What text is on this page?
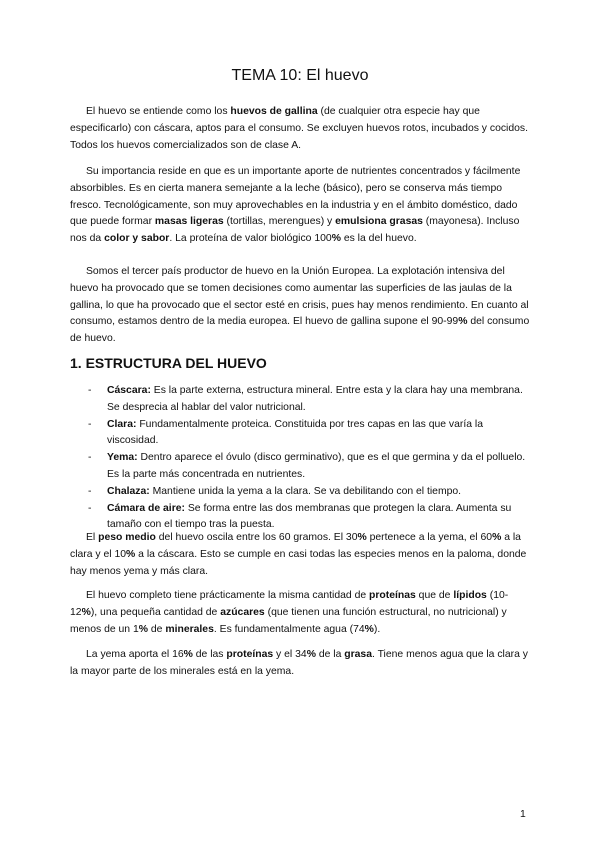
TEMA 10: El huevo

El huevo se entiende como los huevos de gallina (de cualquier otra especie hay que especificarlo) con cáscara, aptos para el consumo. Se excluyen huevos rotos, incubados y cocidos. Todos los huevos comercializados son de clase A.

Su importancia reside en que es un importante aporte de nutrientes concentrados y fácilmente absorbibles. Es en cierta manera semejante a la leche (básico), pero se conserva más tiempo fresco. Tecnológicamente, son muy aprovechables en la industria y en el ámbito doméstico, dado que puede formar masas ligeras (tortillas, merengues) y emulsiona grasas (mayonesa). Incluso nos da color y sabor. La proteína de valor biológico 100% es la del huevo.

Somos el tercer país productor de huevo en la Unión Europea. La explotación intensiva del huevo ha provocado que se tomen decisiones como aumentar las superficies de las jaulas de la gallina, lo que ha provocado que el sector esté en crisis, pues hay menos rendimiento. En cuanto al consumo, estamos dentro de la media europea. El huevo de gallina supone el 90-99% del consumo de huevo.

1. ESTRUCTURA DEL HUEVO
- Cáscara: Es la parte externa, estructura mineral. Entre esta y la clara hay una membrana. Se desprecia al hablar del valor nutricional.
- Clara: Fundamentalmente proteica. Constituida por tres capas en las que varía la viscosidad.
- Yema: Dentro aparece el óvulo (disco germinativo), que es el que germina y da el polluelo. Es la parte más concentrada en nutrientes.
- Chalaza: Mantiene unida la yema a la clara. Se va debilitando con el tiempo.
- Cámara de aire: Se forma entre las dos membranas que protegen la clara. Aumenta su tamaño con el tiempo tras la puesta.

El peso medio del huevo oscila entre los 60 gramos. El 30% pertenece a la yema, el 60% a la clara y el 10% a la cáscara. Esto se cumple en casi todas las especies menos en la paloma, donde hay menos yema y más clara.

El huevo completo tiene prácticamente la misma cantidad de proteínas que de lípidos (10-12%), una pequeña cantidad de azúcares (que tienen una función estructural, no nutricional) y menos de un 1% de minerales. Es fundamentalmente agua (74%).

La yema aporta el 16% de las proteínas y el 34% de la grasa. Tiene menos agua que la clara y la mayor parte de los minerales está en la yema.

1
